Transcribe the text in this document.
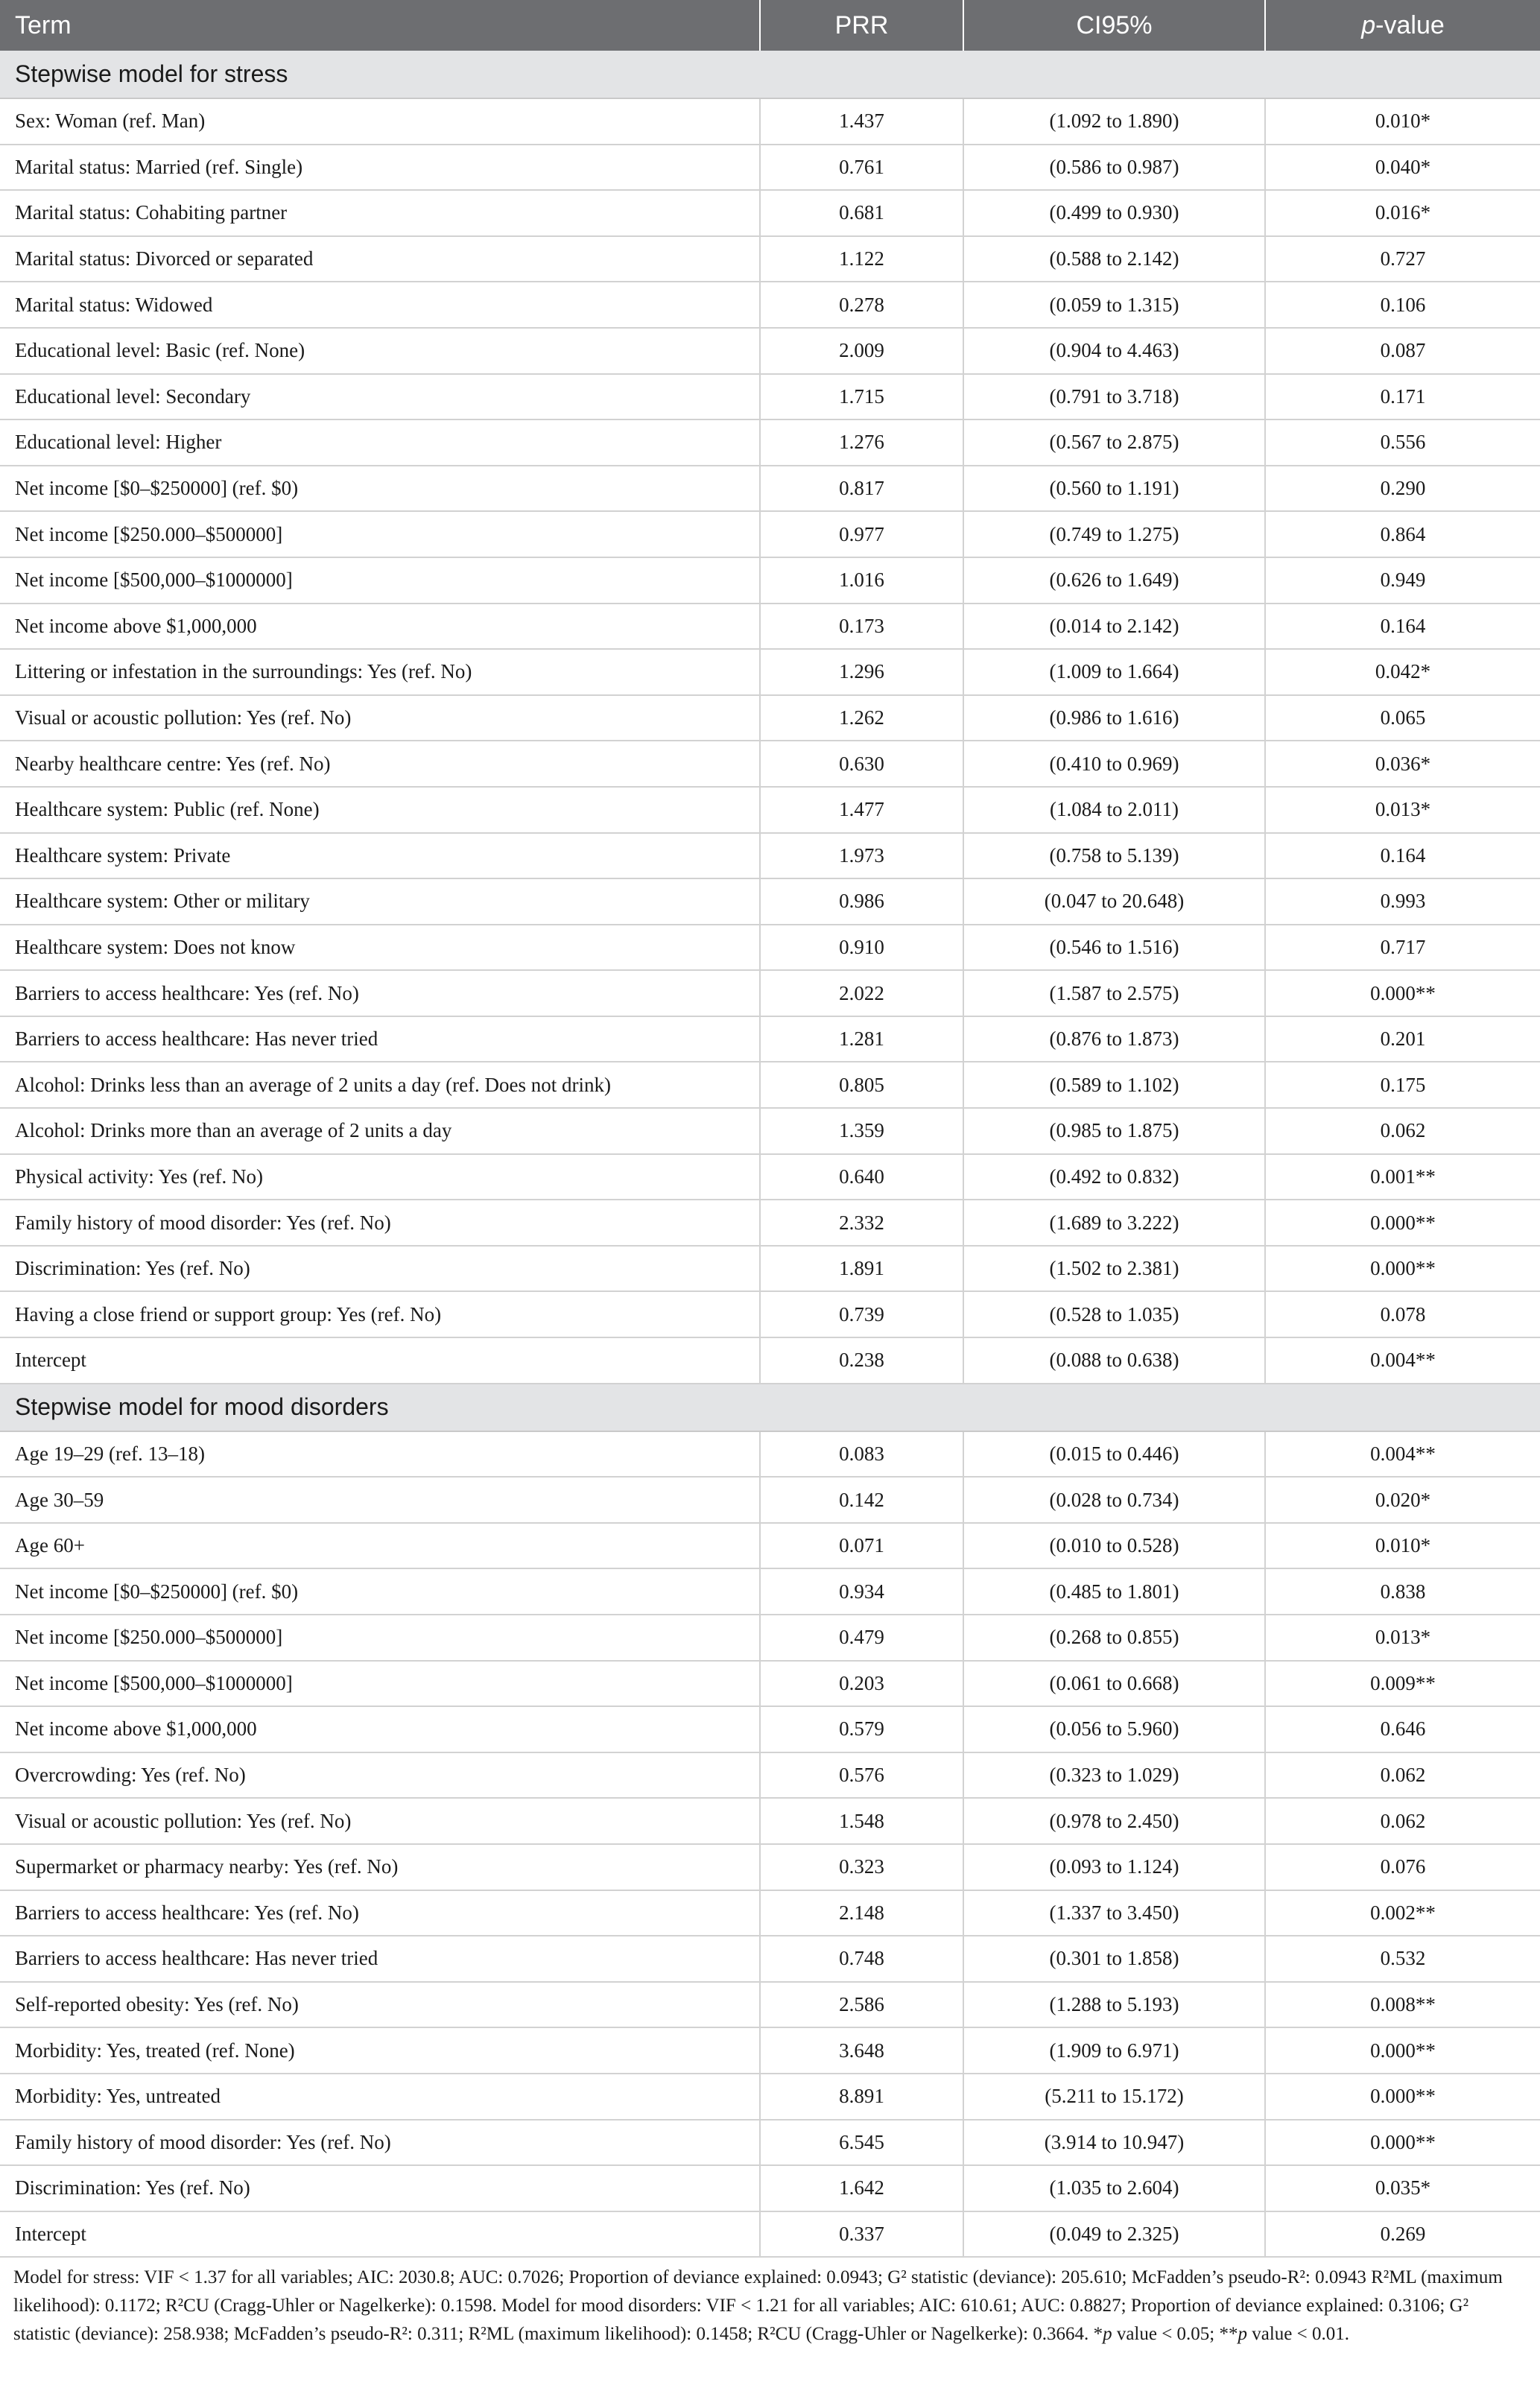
Term	PRR	CI95%	p-value
Stepwise model for stress			
Sex: Woman (ref. Man)	1.437	(1.092 to 1.890)	0.010*
Marital status: Married (ref. Single)	0.761	(0.586 to 0.987)	0.040*
Marital status: Cohabiting partner	0.681	(0.499 to 0.930)	0.016*
Marital status: Divorced or separated	1.122	(0.588 to 2.142)	0.727
Marital status: Widowed	0.278	(0.059 to 1.315)	0.106
Educational level: Basic (ref. None)	2.009	(0.904 to 4.463)	0.087
Educational level: Secondary	1.715	(0.791 to 3.718)	0.171
Educational level: Higher	1.276	(0.567 to 2.875)	0.556
Net income [$0–$250000] (ref. $0)	0.817	(0.560 to 1.191)	0.290
Net income [$250.000–$500000]	0.977	(0.749 to 1.275)	0.864
Net income [$500,000–$1000000]	1.016	(0.626 to 1.649)	0.949
Net income above $1,000,000	0.173	(0.014 to 2.142)	0.164
Littering or infestation in the surroundings: Yes (ref. No)	1.296	(1.009 to 1.664)	0.042*
Visual or acoustic pollution: Yes (ref. No)	1.262	(0.986 to 1.616)	0.065
Nearby healthcare centre: Yes (ref. No)	0.630	(0.410 to 0.969)	0.036*
Healthcare system: Public (ref. None)	1.477	(1.084 to 2.011)	0.013*
Healthcare system: Private	1.973	(0.758 to 5.139)	0.164
Healthcare system: Other or military	0.986	(0.047 to 20.648)	0.993
Healthcare system: Does not know	0.910	(0.546 to 1.516)	0.717
Barriers to access healthcare: Yes (ref. No)	2.022	(1.587 to 2.575)	0.000**
Barriers to access healthcare: Has never tried	1.281	(0.876 to 1.873)	0.201
Alcohol: Drinks less than an average of 2 units a day (ref. Does not drink)	0.805	(0.589 to 1.102)	0.175
Alcohol: Drinks more than an average of 2 units a day	1.359	(0.985 to 1.875)	0.062
Physical activity: Yes (ref. No)	0.640	(0.492 to 0.832)	0.001**
Family history of mood disorder: Yes (ref. No)	2.332	(1.689 to 3.222)	0.000**
Discrimination: Yes (ref. No)	1.891	(1.502 to 2.381)	0.000**
Having a close friend or support group: Yes (ref. No)	0.739	(0.528 to 1.035)	0.078
Intercept	0.238	(0.088 to 0.638)	0.004**
Stepwise model for mood disorders			
Age 19–29 (ref. 13–18)	0.083	(0.015 to 0.446)	0.004**
Age 30–59	0.142	(0.028 to 0.734)	0.020*
Age 60+	0.071	(0.010 to 0.528)	0.010*
Net income [$0–$250000] (ref. $0)	0.934	(0.485 to 1.801)	0.838
Net income [$250.000–$500000]	0.479	(0.268 to 0.855)	0.013*
Net income [$500,000–$1000000]	0.203	(0.061 to 0.668)	0.009**
Net income above $1,000,000	0.579	(0.056 to 5.960)	0.646
Overcrowding: Yes (ref. No)	0.576	(0.323 to 1.029)	0.062
Visual or acoustic pollution: Yes (ref. No)	1.548	(0.978 to 2.450)	0.062
Supermarket or pharmacy nearby: Yes (ref. No)	0.323	(0.093 to 1.124)	0.076
Barriers to access healthcare: Yes (ref. No)	2.148	(1.337 to 3.450)	0.002**
Barriers to access healthcare: Has never tried	0.748	(0.301 to 1.858)	0.532
Self-reported obesity: Yes (ref. No)	2.586	(1.288 to 5.193)	0.008**
Morbidity: Yes, treated (ref. None)	3.648	(1.909 to 6.971)	0.000**
Morbidity: Yes, untreated	8.891	(5.211 to 15.172)	0.000**
Family history of mood disorder: Yes (ref. No)	6.545	(3.914 to 10.947)	0.000**
Discrimination: Yes (ref. No)	1.642	(1.035 to 2.604)	0.035*
Intercept	0.337	(0.049 to 2.325)	0.269
Model for stress: VIF < 1.37 for all variables; AIC: 2030.8; AUC: 0.7026; Proportion of deviance explained: 0.0943; G² statistic (deviance): 205.610; McFadden’s pseudo-R²: 0.0943 R²ML (maximum likelihood): 0.1172; R²CU (Cragg-Uhler or Nagelkerke): 0.1598. Model for mood disorders: VIF < 1.21 for all variables; AIC: 610.61; AUC: 0.8827; Proportion of deviance explained: 0.3106; G² statistic (deviance): 258.938; McFadden’s pseudo-R²: 0.311; R²ML (maximum likelihood): 0.1458; R²CU (Cragg-Uhler or Nagelkerke): 0.3664. *p value < 0.05; **p value < 0.01.
